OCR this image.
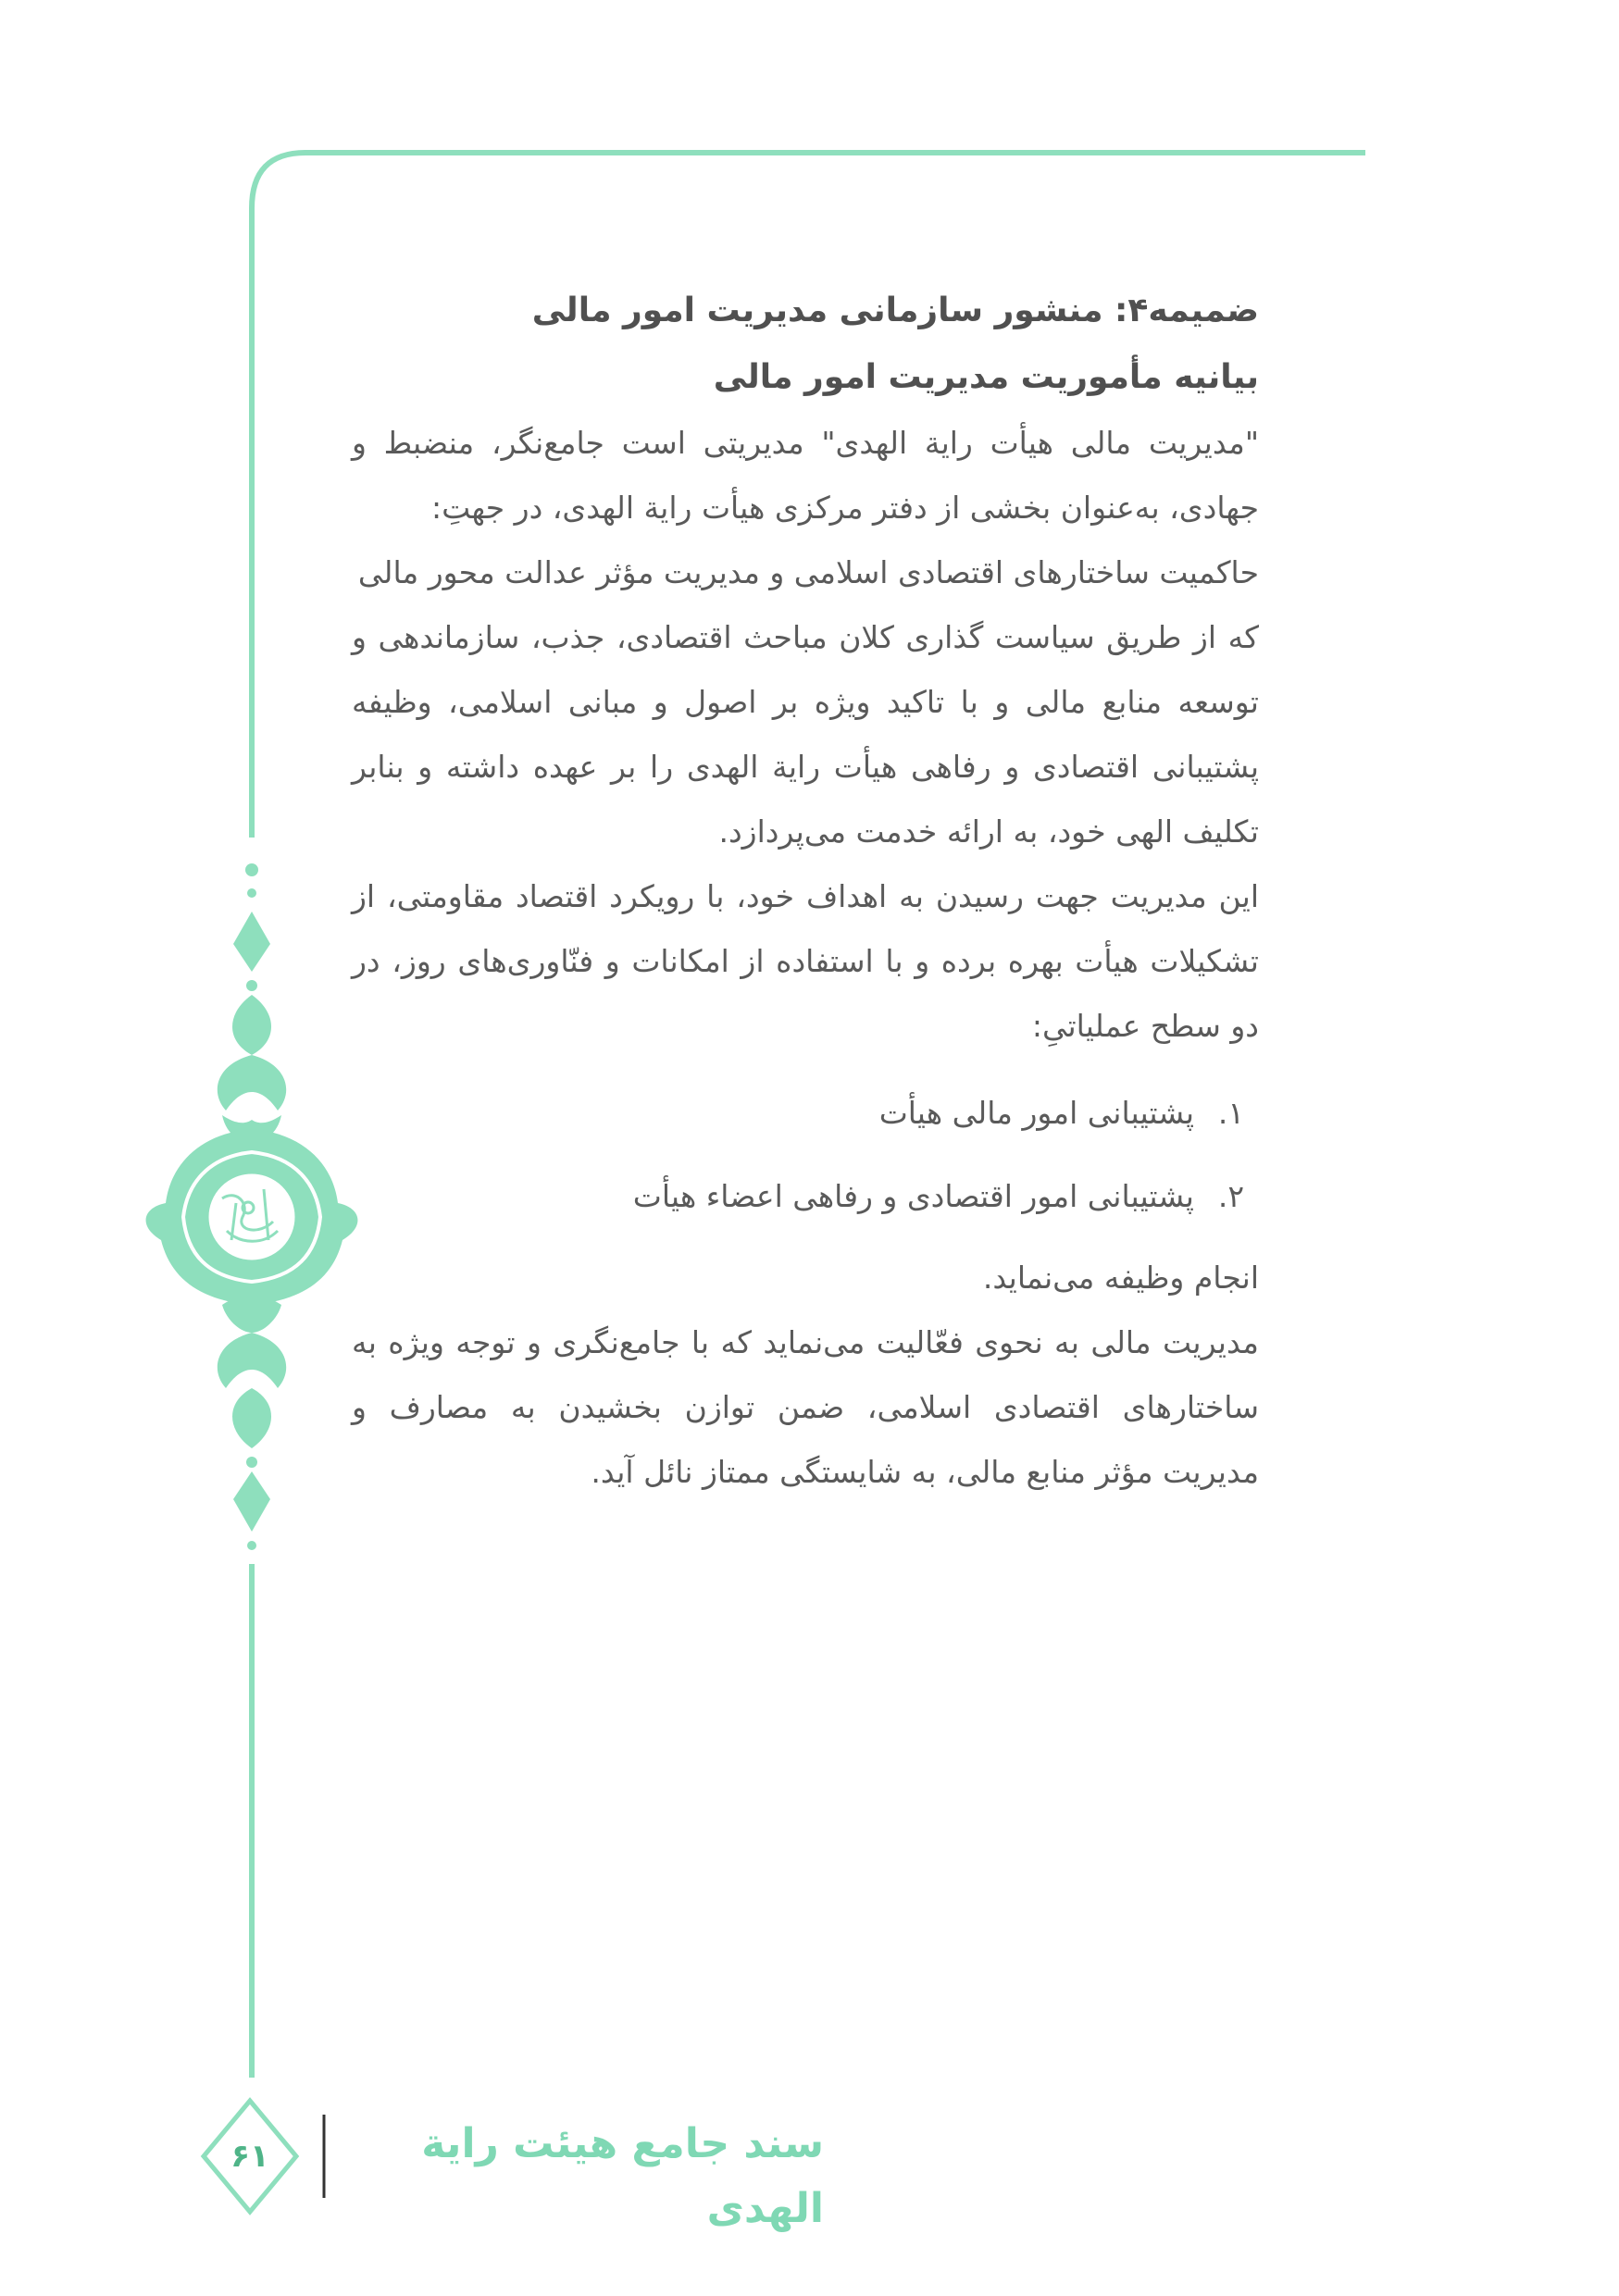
ضمیمه۴: منشور سازمانی مدیریت امور مالی

بیانیه مأموریت مدیریت امور مالی

"مدیریت مالی هیأت رایة الهدی" مدیریتی است جامع‌نگر، منضبط و جهادی، به‌عنوان بخشی از دفتر مرکزی هیأت رایة الهدی، در جهتِ:

حاکمیت ساختارهای اقتصادی اسلامی و مدیریت مؤثر عدالت محور مالی

که از طریق سیاست گذاری کلان مباحث اقتصادی، جذب، سازماندهی و توسعه منابع مالی و با تاکید ویژه بر اصول و مبانی اسلامی، وظیفه پشتیبانی اقتصادی و رفاهی هیأت رایة الهدی را بر عهده داشته و بنابر تکلیف الهی خود، به ارائه خدمت می‌پردازد.

این مدیریت جهت رسیدن به اهداف خود، با رویکرد اقتصاد مقاومتی، از تشکیلات هیأت بهره برده و با استفاده از امکانات و فنّاوری‌های روز، در دو سطح عملیاتیِ:

۱.
پشتیبانی امور مالی هیأت
۲.
پشتیبانی امور اقتصادی و رفاهی اعضاء هیأت

انجام وظیفه می‌نماید.

مدیریت مالی به نحوی فعّالیت می‌نماید که با جامع‌نگری و توجه ویژه به ساختارهای اقتصادی اسلامی، ضمن توازن بخشیدن به مصارف و مدیریت مؤثر منابع مالی، به شایستگی ممتاز نائل آید.

سند جامع هیئت رایة الهدی
۶۱
